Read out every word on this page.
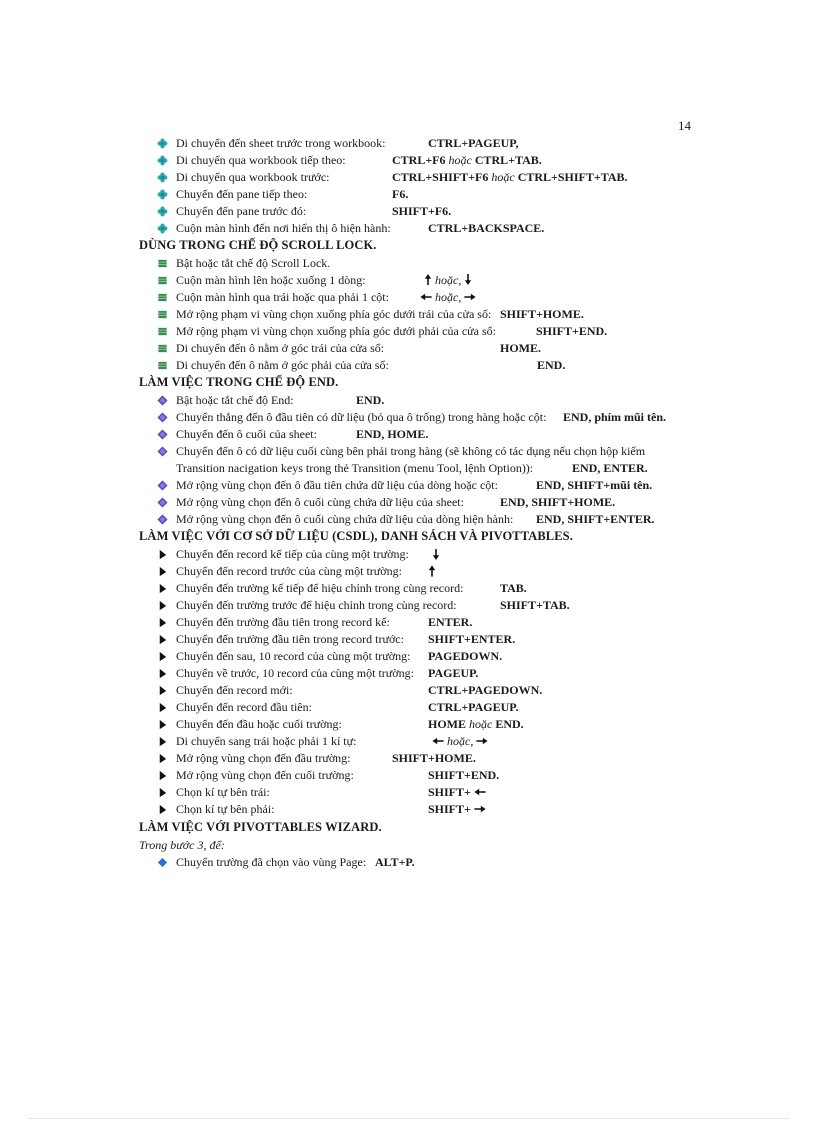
14
Di chuyển đến sheet trước trong workbook:	CTRL+PAGEUP,
Di chuyển qua workbook tiếp theo:	CTRL+F6 hoặc CTRL+TAB.
Di chuyển qua workbook trước:	CTRL+SHIFT+F6 hoặc CTRL+SHIFT+TAB.
Chuyển đến pane tiếp theo:	F6.
Chuyển đến pane trước đó:	SHIFT+F6.
Cuộn màn hình đến nơi hiển thị ô hiện hành:	CTRL+BACKSPACE.
DÙNG TRONG CHẾ ĐỘ SCROLL LOCK.
Bật hoặc tắt chế độ Scroll Lock.
Cuộn màn hình lên hoặc xuống 1 dòng:	hoặc,
Cuộn màn hình qua trái hoặc qua phải 1 cột:	hoặc,
Mở rộng phạm vi vùng chọn xuống phía góc dưới trái của cửa sổ: SHIFT+HOME.
Mở rộng phạm vi vùng chọn xuống phía góc dưới phải của cửa sổ:	SHIFT+END.
Di chuyển đến ô nằm ở góc trái của cửa sổ:	HOME.
Di chuyển đến ô nằm ở góc phải của cửa sổ:	END.
LÀM VIỆC TRONG CHẾ ĐỘ END.
Bật hoặc tắt chế độ End:	END.
Chuyển thẳng đến ô đầu tiên có dữ liệu (bỏ qua ô trống) trong hàng hoặc cột: END, phím mũi tên.
Chuyển đến ô cuối của sheet:	END, HOME.
Chuyển đến ô có dữ liệu cuối cùng bên phải trong hàng (sẽ không có tác dụng nếu chọn hộp kiểm
Transition nacigation keys trong thẻ Transition (menu Tool, lệnh Option)):	END, ENTER.
Mở rộng vùng chọn đến ô đầu tiên chứa dữ liệu của dòng hoặc cột:	END, SHIFT+mũi tên.
Mở rộng vùng chọn đến ô cuối cùng chứa dữ liệu của sheet:	END, SHIFT+HOME.
Mở rộng vùng chọn đến ô cuối cùng chứa dữ liệu của dòng hiện hành: END, SHIFT+ENTER.
LÀM VIỆC VỚI CƠ SỞ DỮ LIỆU (CSDL), DANH SÁCH VÀ PIVOTTABLES.
Chuyển đến record kế tiếp của cùng một trường:
Chuyển đến record trước của cùng một trường:
Chuyển đến trường kế tiếp để hiệu chỉnh trong cùng record:	TAB.
Chuyển đến trường trước để hiệu chỉnh trong cùng record:	SHIFT+TAB.
Chuyển đến trường đầu tiên trong record kế:	ENTER.
Chuyển đến trường đầu tiên trong record trước: SHIFT+ENTER.
Chuyển đến sau, 10 record của cùng một trường: PAGEDOWN.
Chuyển về trước, 10 record của cùng một trường: PAGEUP.
Chuyển đến record mới:	CTRL+PAGEDOWN.
Chuyển đến record đầu tiên:	CTRL+PAGEUP.
Chuyển đến đầu hoặc cuối trường:	HOME hoặc END.
Di chuyển sang trái hoặc phải 1 kí tự:	hoặc,
Mở rộng vùng chọn đến đầu trường:	SHIFT+HOME.
Mở rộng vùng chọn đến cuối trường:	SHIFT+END.
Chọn kí tự bên trái:	SHIFT+
Chọn kí tự bên phải:	SHIFT+
LÀM VIỆC VỚI PIVOTTABLES WIZARD.
Trong bước 3, để:
Chuyển trường đã chọn vào vùng Page: ALT+P.
